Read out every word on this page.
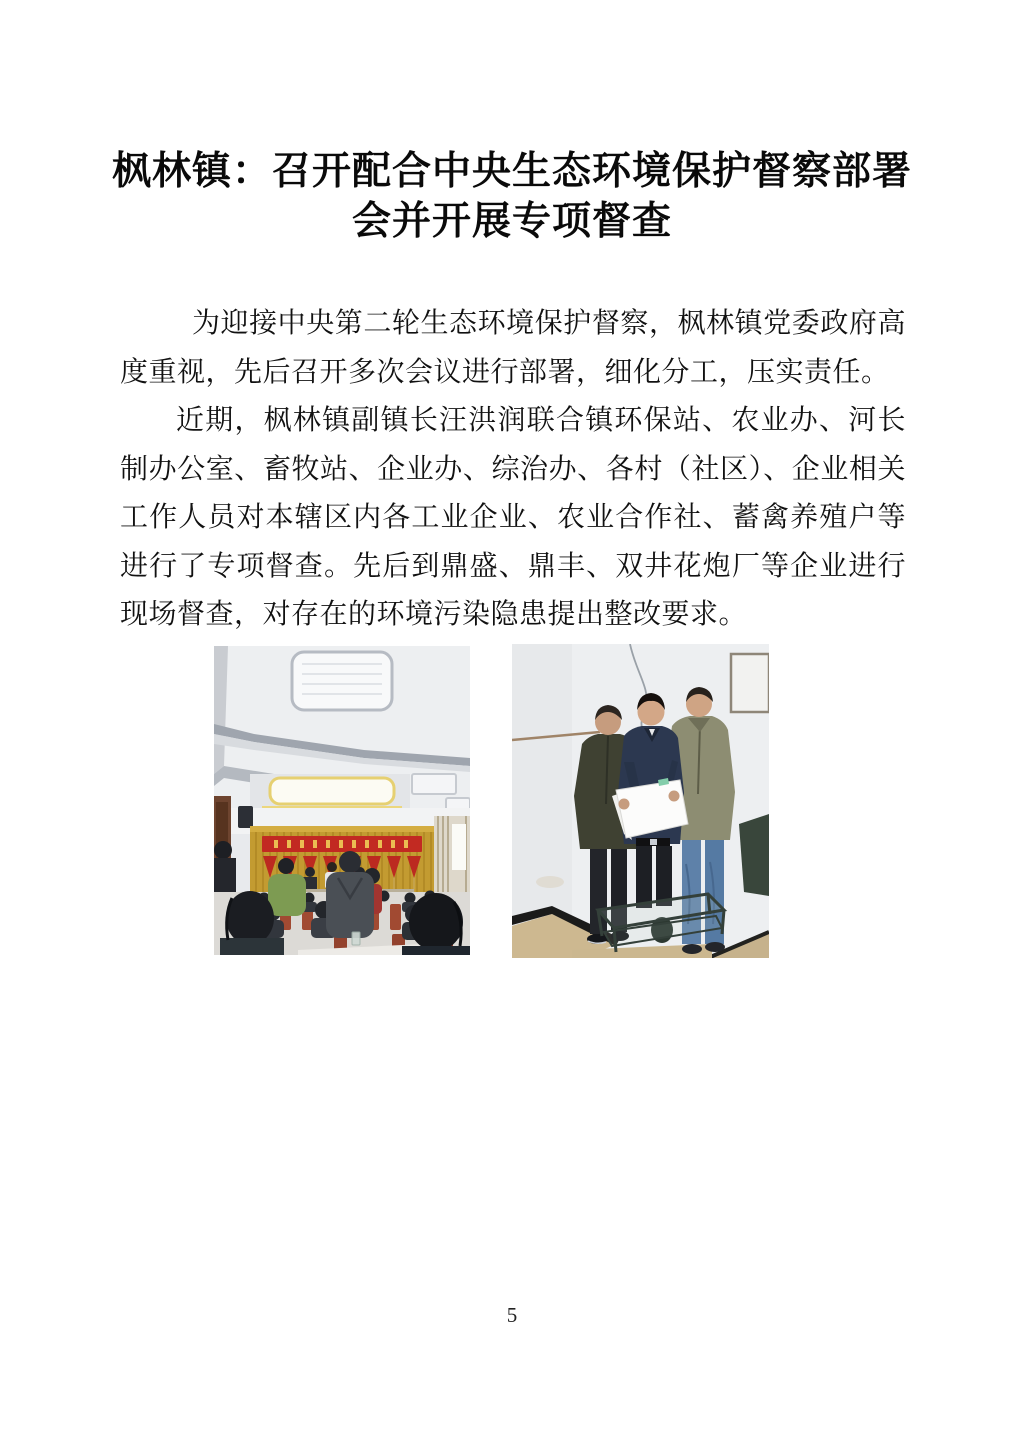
枫林镇：召开配合中央生态环境保护督察部署
会并开展专项督查

为迎接中央第二轮生态环境保护督察，枫林镇党委政府高度重视，先后召开多次会议进行部署，细化分工，压实责任。

近期，枫林镇副镇长汪洪润联合镇环保站、农业办、河长制办公室、畜牧站、企业办、综治办、各村（社区）、企业相关工作人员对本辖区内各工业企业、农业合作社、蓄禽养殖户等进行了专项督查。先后到鼎盛、鼎丰、双井花炮厂等企业进行现场督查，对存在的环境污染隐患提出整改要求。

5
